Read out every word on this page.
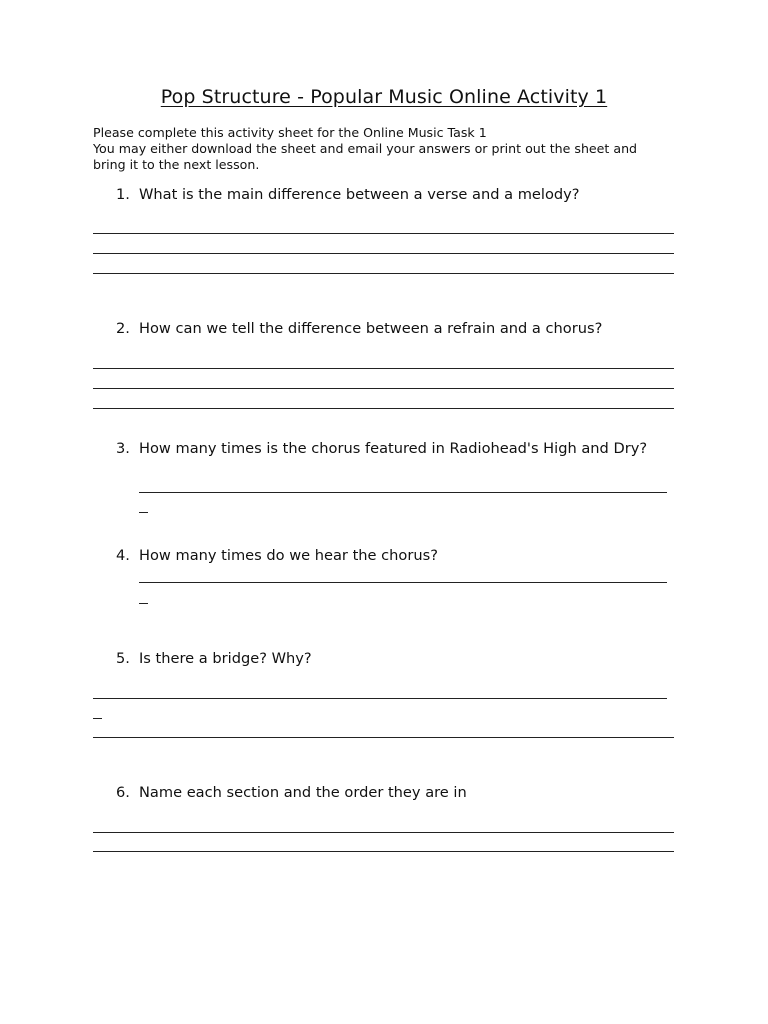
Pop Structure - Popular Music Online Activity 1
Please complete this activity sheet for the Online Music Task 1
You may either download the sheet and email your answers or print out the sheet and
bring it to the next lesson.
1. What is the main difference between a verse and a melody?
2. How can we tell the difference between a refrain and a chorus?
3. How many times is the chorus featured in Radiohead's High and Dry?
4. How many times do we hear the chorus?
5. Is there a bridge? Why?
6. Name each section and the order they are in
